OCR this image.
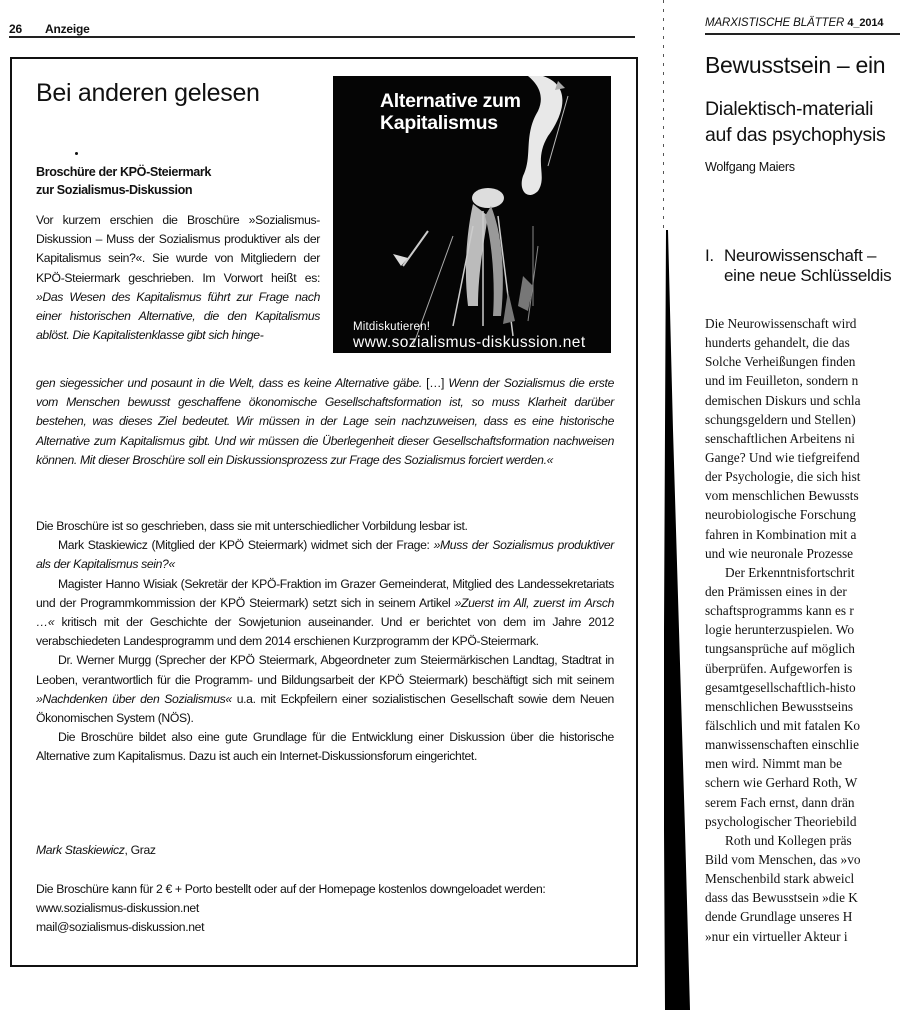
26 Anzeige
Bei anderen gelesen
Broschüre der KPÖ-Steiermark
zur Sozialismus-Diskussion
Alternative zum
Kapitalismus
Mitdiskutieren!
www.sozialismus-diskussion.net

Vor kurzem erschien die Broschüre »Sozialismus-Diskussion – Muss der Sozialismus produktiver als der Kapitalismus sein?«. Sie wurde von Mitgliedern der KPÖ-Steiermark geschrieben. Im Vorwort heißt es: »Das Wesen des Kapitalismus führt zur Frage nach einer historischen Alternative, die den Kapitalismus ablöst. Die Kapitalistenklasse gibt sich hinge-

gen siegessicher und posaunt in die Welt, dass es keine Alternative gäbe. […] Wenn der Sozialismus die erste vom Menschen bewusst geschaffene ökonomische Gesellschaftsformation ist, so muss Klarheit darüber bestehen, was dieses Ziel bedeutet. Wir müssen in der Lage sein nachzuweisen, dass es eine historische Alternative zum Kapitalismus gibt. Und wir müssen die Überlegenheit dieser Gesellschaftsformation nachweisen können. Mit dieser Broschüre soll ein Diskussionsprozess zur Frage des Sozialismus forciert werden.«

Die Broschüre ist so geschrieben, dass sie mit unterschiedlicher Vorbildung lesbar ist.

Mark Staskiewicz (Mitglied der KPÖ Steiermark) widmet sich der Frage: »Muss der Sozialismus produktiver als der Kapitalismus sein?«

Magister Hanno Wisiak (Sekretär der KPÖ-Fraktion im Grazer Gemeinderat, Mitglied des Landessekretariats und der Programmkommission der KPÖ Steiermark) setzt sich in seinem Artikel »Zuerst im All, zuerst im Arsch …« kritisch mit der Geschichte der Sowjetunion auseinander. Und er berichtet von dem im Jahre 2012 verabschiedeten Landesprogramm und dem 2014 erschienen Kurzprogramm der KPÖ-Steiermark.

Dr. Werner Murgg (Sprecher der KPÖ Steiermark, Abgeordneter zum Steiermärkischen Landtag, Stadtrat in Leoben, verantwortlich für die Programm- und Bildungsarbeit der KPÖ Steiermark) beschäftigt sich mit seinem »Nachdenken über den Sozialismus« u.a. mit Eckpfeilern einer sozialistischen Gesellschaft sowie dem Neuen Ökonomischen System (NÖS).

Die Broschüre bildet also eine gute Grundlage für die Entwicklung einer Diskussion über die historische Alternative zum Kapitalismus. Dazu ist auch ein Internet-Diskussionsforum eingerichtet.

Mark Staskiewicz, Graz
Die Broschüre kann für 2 € + Porto bestellt oder auf der Homepage kostenlos downgeloadet werden:
www.sozialismus-diskussion.net
mail@sozialismus-diskussion.net
MARXISTISCHE BLÄTTER 4_2014
Bewusstsein – ein
Dialektisch-materiali
auf das psychophysis
Wolfgang Maiers
I. Neurowissenschaft –
eine neue Schlüsseldis
Die Neurowissenschaft wird
hunderts gehandelt, die das
Solche Verheißungen finden
und im Feuilleton, sondern n
demischen Diskurs und schla
schungsgeldern und Stellen)
senschaftlichen Arbeitens ni
Gange? Und wie tiefgreifend
der Psychologie, die sich hist
vom menschlichen Bewussts
neurobiologische Forschung
fahren in Kombination mit a
und wie neuronale Prozesse
Der Erkenntnisfortschrit
den Prämissen eines in der
schaftsprogramms kann es r
logie herunterzuspielen. Wo
tungsansprüche auf möglich
überprüfen. Aufgeworfen is
gesamtgesellschaftlich-histo
menschlichen Bewusstseins
fälschlich und mit fatalen Ko
manwissenschaften einschlie
men wird. Nimmt man be
schern wie Gerhard Roth, W
serem Fach ernst, dann drän
psychologischer Theoriebild
Roth und Kollegen präs
Bild vom Menschen, das »vo
Menschenbild stark abweicl
dass das Bewusstsein »die K
dende Grundlage unseres H
»nur ein virtueller Akteur i
